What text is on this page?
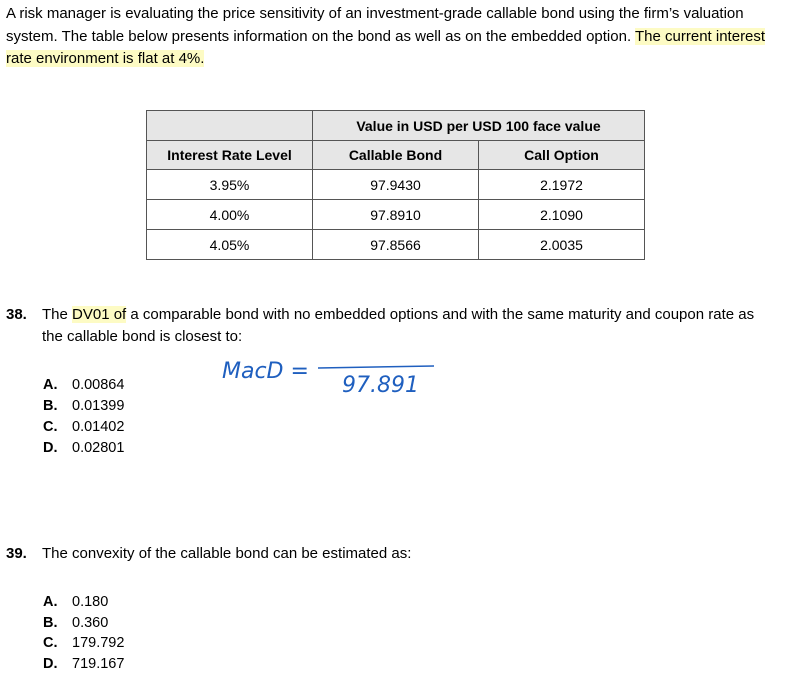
A risk manager is evaluating the price sensitivity of an investment-grade callable bond using the firm’s valuation system. The table below presents information on the bond as well as on the embedded option. The current interest rate environment is flat at 4%.
	Value in USD per USD 100 face value	
Interest Rate Level	Callable Bond	Call Option
3.95%	97.9430	2.1972
4.00%	97.8910	2.1090
4.05%	97.8566	2.0035
38. The DV01 of a comparable bond with no embedded options and with the same maturity and coupon rate as
the callable bond is closest to:
MacD =
97.891
A.	0.00864
B.	0.01399
C.	0.01402
D.	0.02801
39. The convexity of the callable bond can be estimated as:
A.	0.180
B.	0.360
C.	179.792
D.	719.167
